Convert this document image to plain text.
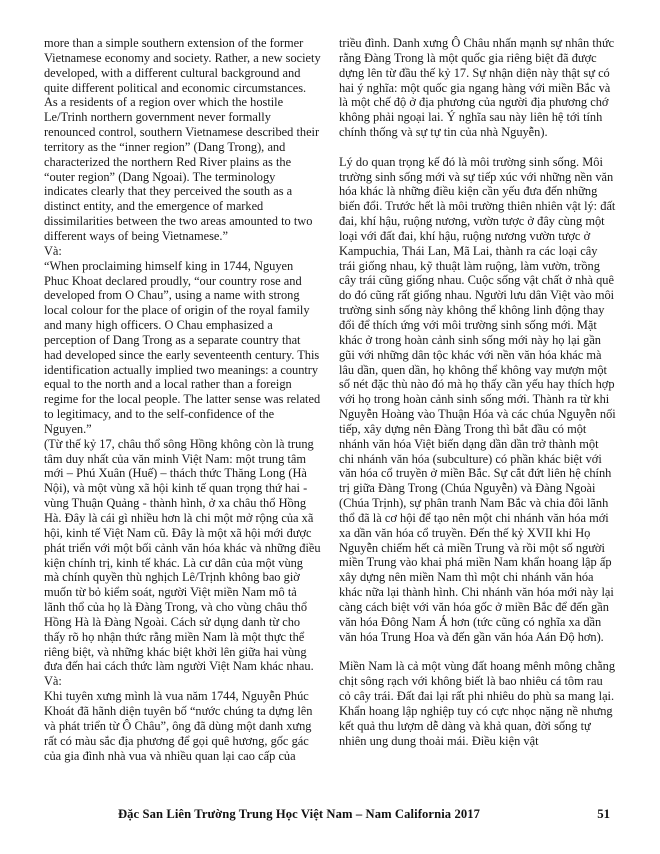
more than a simple southern extension of the former Vietnamese economy and society. Rather, a new society developed, with a different cultural background and quite different political and economic circumstances. As a residents of a region over which the hostile Le/Trinh northern government never formally renounced control, southern Vietnamese described their territory as the “inner region” (Dang Trong), and characterized the northern Red River plains as the “outer region” (Dang Ngoai). The terminology indicates clearly that they perceived the south as a distinct entity, and the emergence of marked dissimilarities between the two areas amounted to two different ways of being Vietnamese.”

Và:

“When proclaiming himself king in 1744, Nguyen Phuc Khoat declared proudly, “our country rose and developed from O Chau”, using a name with strong local colour for the place of origin of the royal family and many high officers. O Chau emphasized a perception of Dang Trong as a separate country that had developed since the early seventeenth century. This identification actually implied two meanings: a country equal to the north and a local rather than a foreign regime for the local people. The latter sense was related to legitimacy, and to the self-confidence of the Nguyen.”

(Từ thế kỷ 17, châu thổ sông Hồng không còn là trung tâm duy nhất của văn minh Việt Nam: một trung tâm mới – Phú Xuân (Huế) – thách thức Thăng Long (Hà Nội), và một vùng xã hội kinh tế quan trọng thứ hai - vùng Thuận Quảng - thành hình, ở xa châu thổ Hồng Hà. Đây là cái gì nhiều hơn là chi một mở rộng của xã hội, kinh tế Việt Nam cũ. Đây là một xã hội mới được phát triển với một bối cảnh văn hóa khác và những điều kiện chính trị, kinh tế khác. Là cư dân của một vùng mà chính quyền thù nghịch Lê/Trịnh không bao giờ muốn từ bỏ kiểm soát, người Việt miền Nam mô tả lãnh thổ của họ là Đàng Trong, và cho vùng châu thổ Hồng Hà là Đàng Ngoài. Cách sử dụng danh từ cho thấy rõ họ nhận thức rằng miền Nam là một thực thể riêng biệt, và những khác biệt khởi lên giữa hai vùng đưa đến hai cách thức làm người Việt Nam khác nhau.

Và:

Khi tuyên xưng mình là vua năm 1744, Nguyễn Phúc Khoát đã hãnh diện tuyên bố “nước chúng ta dựng lên và phát triển từ Ô Châu”, ông đã dùng một danh xưng rất có màu sắc địa phương để gọi quê hương, gốc gác của gia đình nhà vua và nhiều quan lại cao cấp của

triều đình. Danh xưng Ô Châu nhấn mạnh sự nhân thức rằng Đàng Trong là một quốc gia riêng biệt đã được dựng lên từ đầu thế kỷ 17. Sự nhận diện này thật sự có hai ý nghĩa: một quốc gia ngang hàng với miền Bắc và là một chế độ ở địa phương của người địa phương chớ không phải ngoại lai. Ý nghĩa sau này liên hệ tới tính chính thống và sự tự tin của nhà Nguyễn).

Lý do quan trọng kế đó là môi trường sinh sống. Môi trường sinh sống mới và sự tiếp xúc với những nền văn hóa khác là những điều kiện cần yếu đưa đến những biến đổi. Trước hết là môi trường thiên nhiên vật lý: đất đai, khí hậu, ruộng nương, vườn tược ở đây cùng một loại với đất đai, khí hậu, ruộng nương vườn tược ở Kampuchia, Thái Lan, Mã Lai, thành ra các loại cây trái giống nhau, kỹ thuật làm ruộng, làm vườn, trồng cây trái cũng giống nhau. Cuộc sống vật chất ở nhà quê do đó cũng rất giống nhau. Người lưu dân Việt vào môi trường sinh sống này không thể không linh động thay đổi để thích ứng với môi trường sinh sống mới. Mặt khác ở trong hoàn cảnh sinh sống mới này họ lại gần gũi với những dân tộc khác với nền văn hóa khác mà lâu dần, quen dần, họ không thể không vay mượn một số nét đặc thù nào đó mà họ thấy cần yếu hay thích hợp với họ trong hoàn cảnh sinh sống mới. Thành ra từ khi Nguyễn Hoàng vào Thuận Hóa và các chúa Nguyễn nối tiếp, xây dựng nên Đàng Trong thì bắt đầu có một nhánh văn hóa Việt biến dạng dần dần trở thành một chi nhánh văn hóa (subculture) có phần khác biệt với văn hóa cổ truyền ở miền Bắc. Sự cắt đứt liên hệ chính trị giữa Đàng Trong (Chúa Nguyễn) và Đàng Ngoài (Chúa Trịnh), sự phân tranh Nam Bắc và chia đôi lãnh thổ đã là cơ hội để tạo nên một chi nhánh văn hóa mới xa dần văn hóa cổ truyền. Đến thế kỷ XVII khi Họ Nguyễn chiếm hết cả miền Trung và rồi một số người miền Trung vào khai phá miền Nam khẩn hoang lập ấp xây dựng nên miền Nam thì một chi nhánh văn hóa khác nữa lại thành hình. Chi nhánh văn hóa mới này lại càng cách biệt với văn hóa gốc ở miền Bắc để đến gần văn hóa Đông Nam Á hơn (tức cũng có nghĩa xa dần văn hóa Trung Hoa và đến gần văn hóa Aán Độ hơn).

Miền Nam là cả một vùng đất hoang mênh mông chằng chịt sông rạch với không biết là bao nhiêu cá tôm rau cỏ cây trái. Đất đai lại rất phi nhiêu do phù sa mang lại. Khẩn hoang lập nghiệp tuy có cực nhọc nặng nề nhưng kết quả thu lượm dễ dàng và khả quan, đời sống tự nhiên ung dung thoải mái. Điều kiện vật

Đặc San Liên Trường Trung Học Việt Nam – Nam California 2017	51
